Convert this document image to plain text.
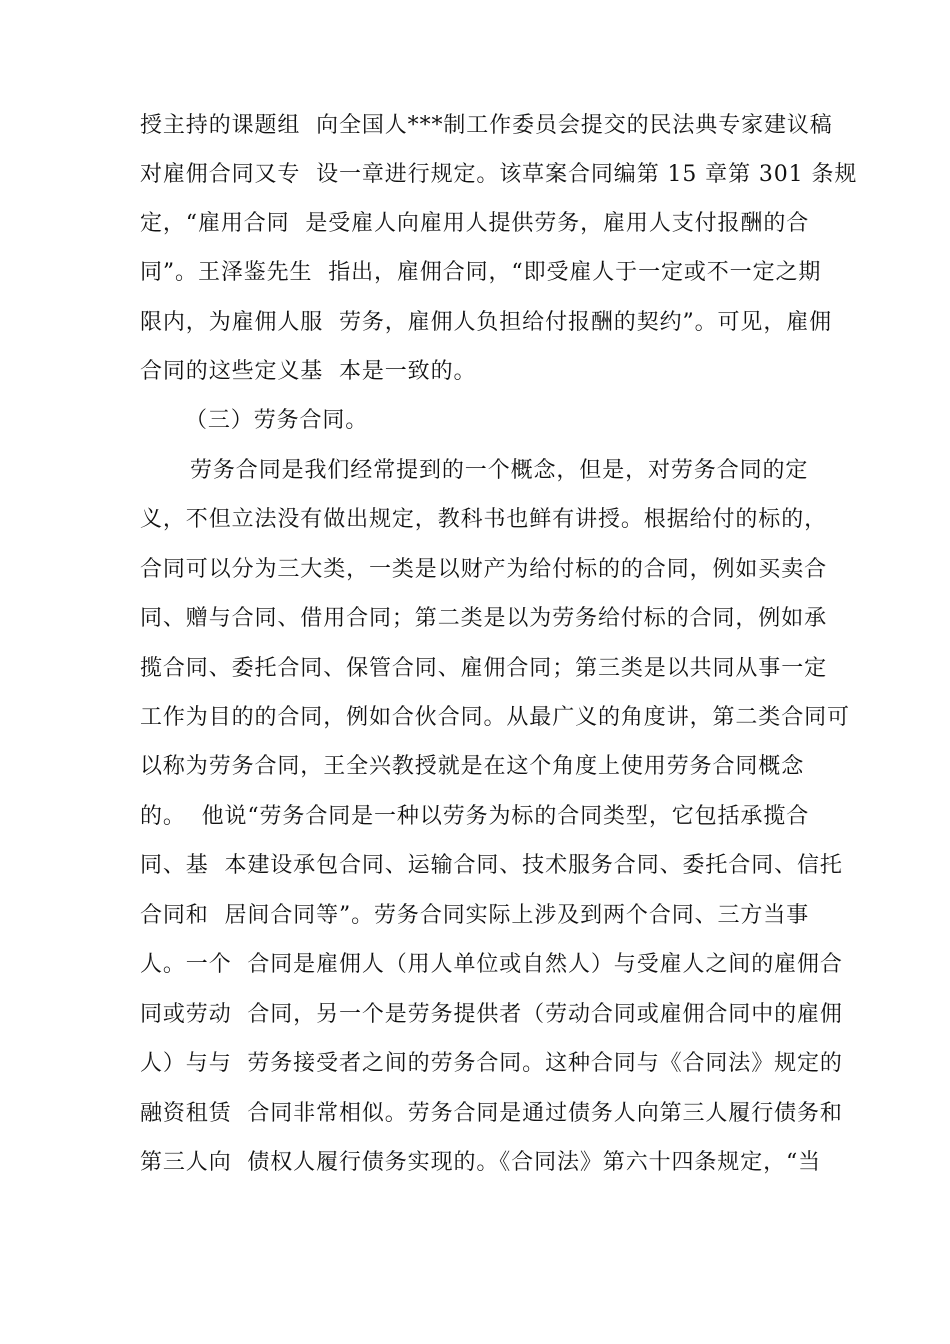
授主持的课题组  向全国人***制工作委员会提交的民法典专家建议稿
对雇佣合同又专  设一章进行规定。该草案合同编第 15 章第 301 条规
定，“雇用合同  是受雇人向雇用人提供劳务，雇用人支付报酬的合
同”。王泽鉴先生  指出，雇佣合同，“即受雇人于一定或不一定之期
限内，为雇佣人服  劳务，雇佣人负担给付报酬的契约”。可见，雇佣
合同的这些定义基  本是一致的。
（三）劳务合同。
劳务合同是我们经常提到的一个概念，但是，对劳务合同的定
义，不但立法没有做出规定，教科书也鲜有讲授。根据给付的标的，
合同可以分为三大类，一类是以财产为给付标的的合同，例如买卖合
同、赠与合同、借用合同；第二类是以为劳务给付标的合同，例如承
揽合同、委托合同、保管合同、雇佣合同；第三类是以共同从事一定
工作为目的的合同，例如合伙合同。从最广义的角度讲，第二类合同可
以称为劳务合同，王全兴教授就是在这个角度上使用劳务合同概念
的。  他说“劳务合同是一种以劳务为标的合同类型，它包括承揽合
同、基  本建设承包合同、运输合同、技术服务合同、委托合同、信托
合同和  居间合同等”。劳务合同实际上涉及到两个合同、三方当事
人。一个  合同是雇佣人（用人单位或自然人）与受雇人之间的雇佣合
同或劳动  合同，另一个是劳务提供者（劳动合同或雇佣合同中的雇佣
人）与与  劳务接受者之间的劳务合同。这种合同与《合同法》规定的
融资租赁  合同非常相似。劳务合同是通过债务人向第三人履行债务和
第三人向  债权人履行债务实现的。《合同法》第六十四条规定，“当
